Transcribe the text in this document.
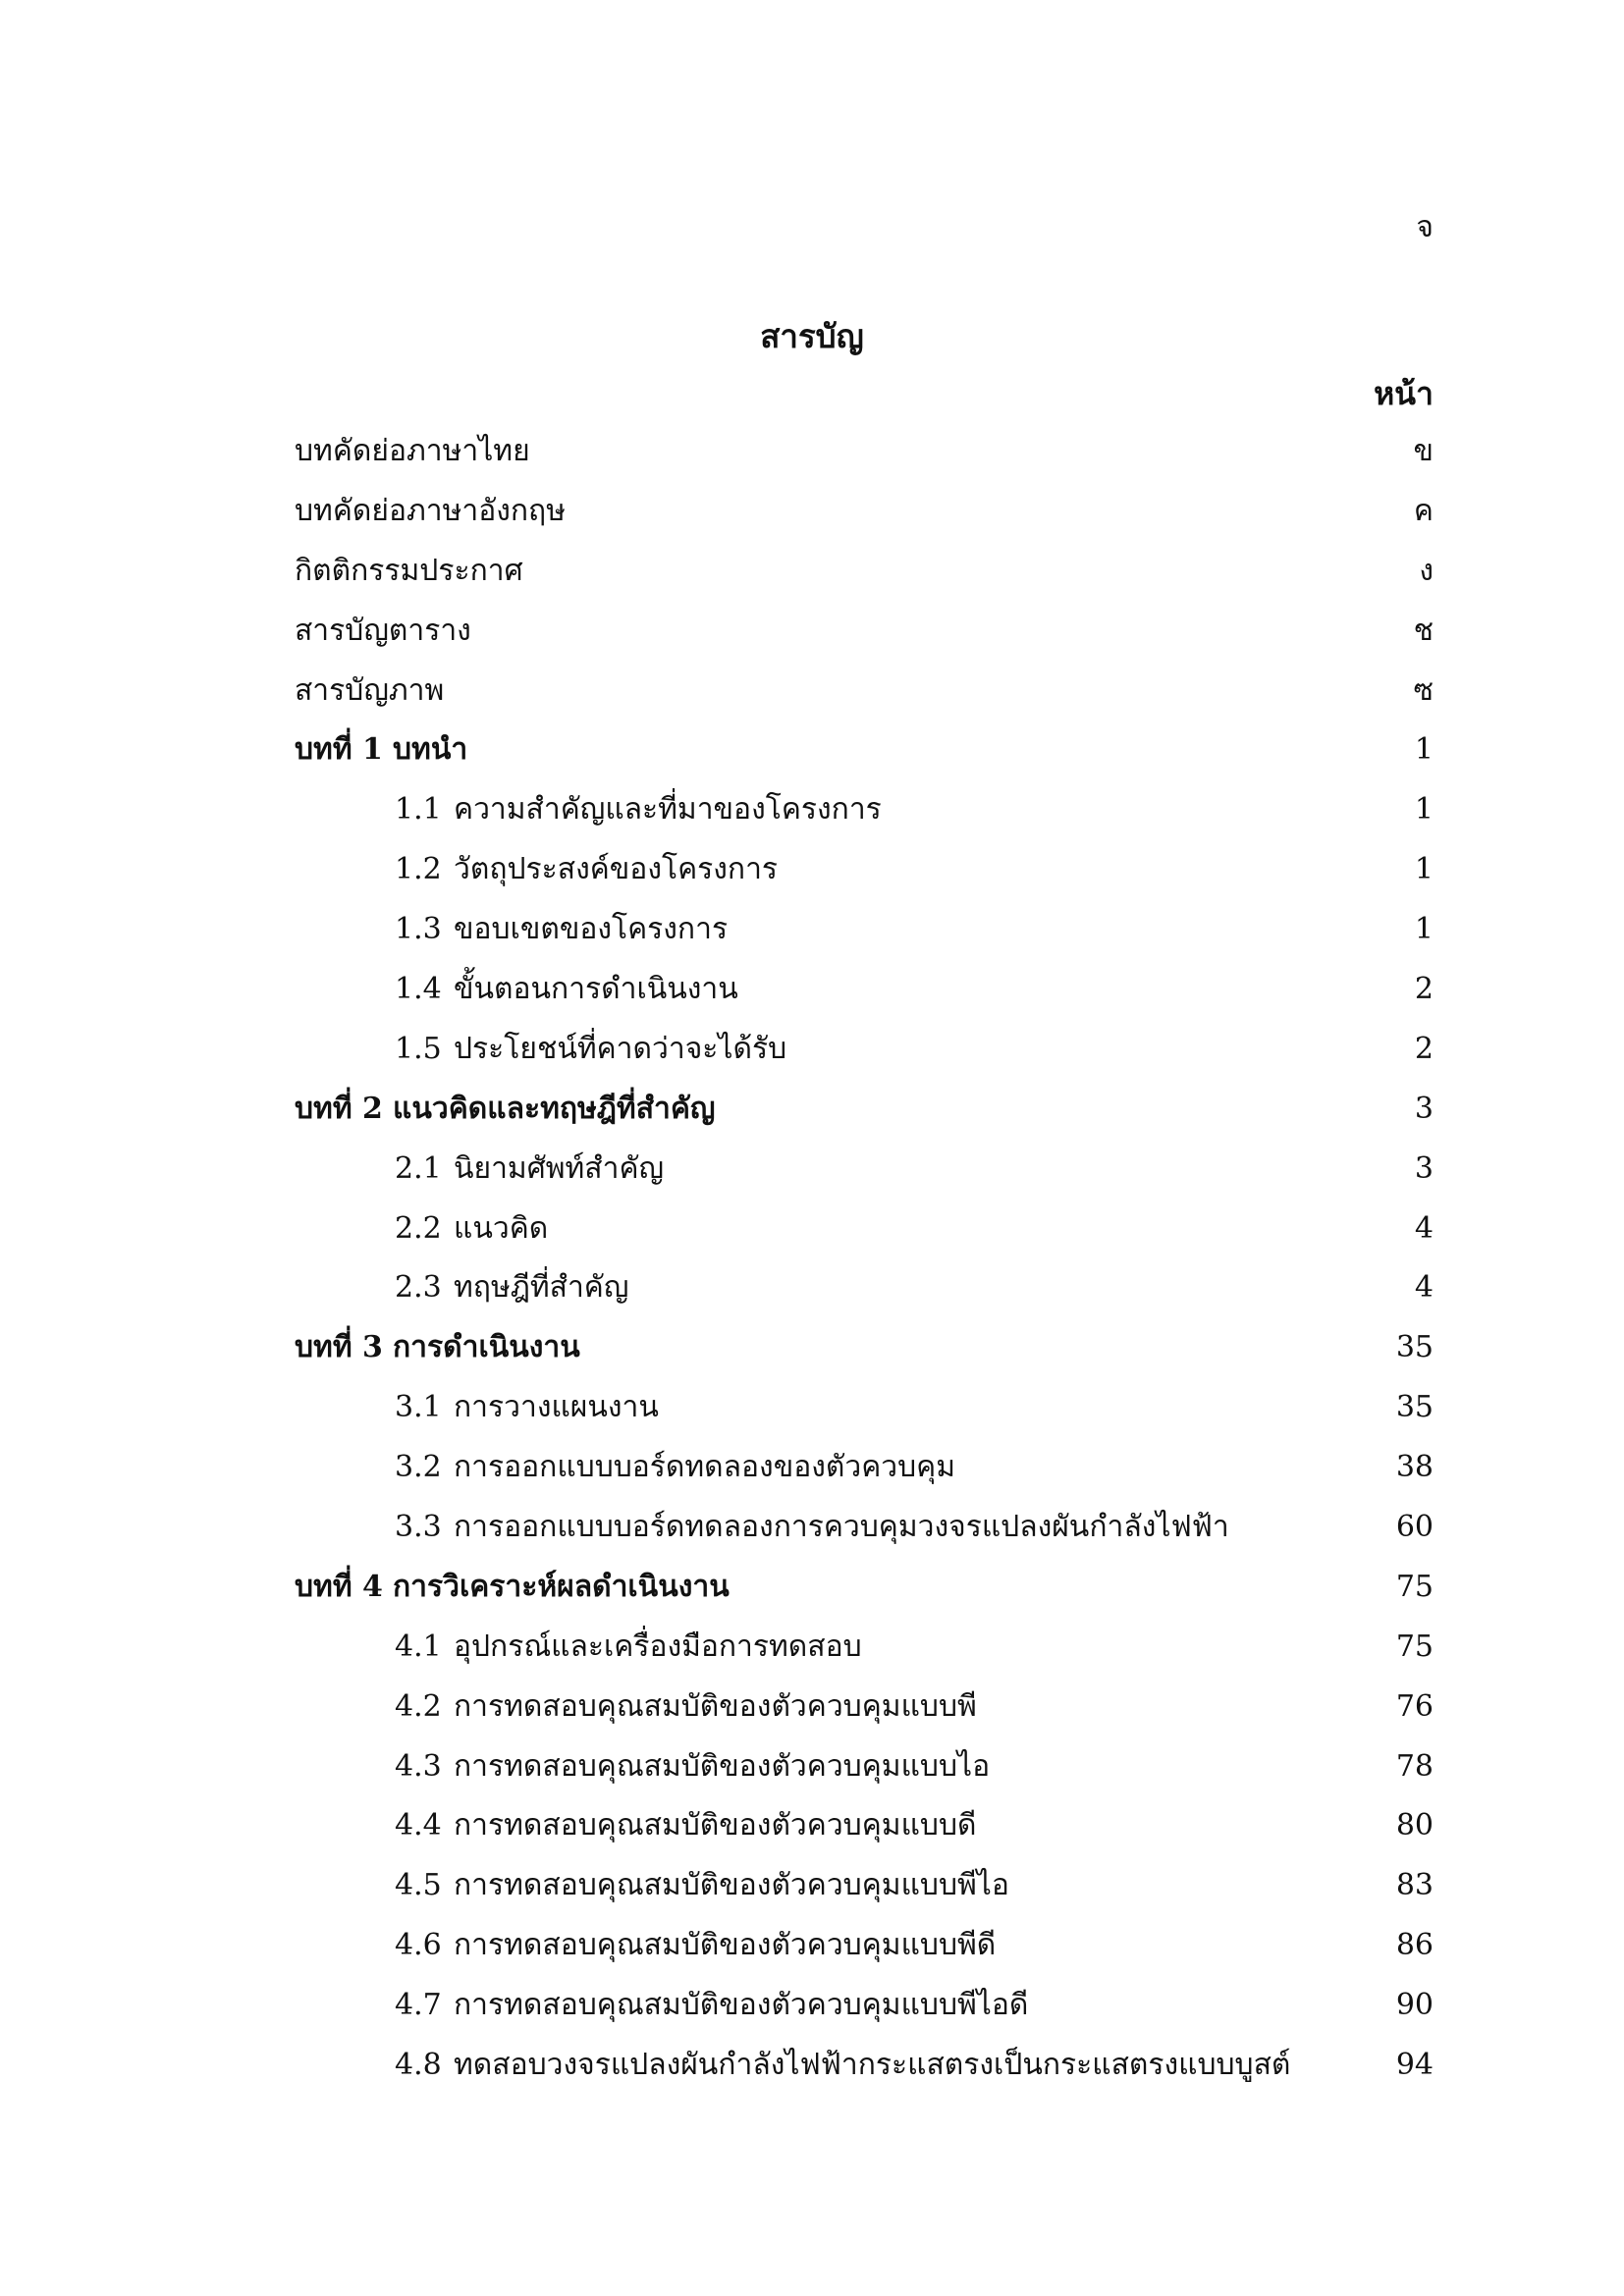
จ
สารบัญ
หน้า
บทคัดย่อภาษาไทย	ข
บทคัดย่อภาษาอังกฤษ	ค
กิตติกรรมประกาศ	ง
สารบัญตาราง	ช
สารบัญภาพ	ซ
บทที่ 1 บทนำ	1
1.1 ความสำคัญและที่มาของโครงการ	1
1.2 วัตถุประสงค์ของโครงการ	1
1.3 ขอบเขตของโครงการ	1
1.4 ขั้นตอนการดำเนินงาน	2
1.5 ประโยชน์ที่คาดว่าจะได้รับ	2
บทที่ 2 แนวคิดและทฤษฎีที่สำคัญ	3
2.1 นิยามศัพท์สำคัญ	3
2.2 แนวคิด	4
2.3 ทฤษฎีที่สำคัญ	4
บทที่ 3 การดำเนินงาน	35
3.1 การวางแผนงาน	35
3.2 การออกแบบบอร์ดทดลองของตัวควบคุม	38
3.3 การออกแบบบอร์ดทดลองการควบคุมวงจรแปลงผันกำลังไฟฟ้า	60
บทที่ 4 การวิเคราะห์ผลดำเนินงาน	75
4.1 อุปกรณ์และเครื่องมือการทดสอบ	75
4.2 การทดสอบคุณสมบัติของตัวควบคุมแบบพี	76
4.3 การทดสอบคุณสมบัติของตัวควบคุมแบบไอ	78
4.4 การทดสอบคุณสมบัติของตัวควบคุมแบบดี	80
4.5 การทดสอบคุณสมบัติของตัวควบคุมแบบพีไอ	83
4.6 การทดสอบคุณสมบัติของตัวควบคุมแบบพีดี	86
4.7 การทดสอบคุณสมบัติของตัวควบคุมแบบพีไอดี	90
4.8 ทดสอบวงจรแปลงผันกำลังไฟฟ้ากระแสตรงเป็นกระแสตรงแบบบูสต์	94
